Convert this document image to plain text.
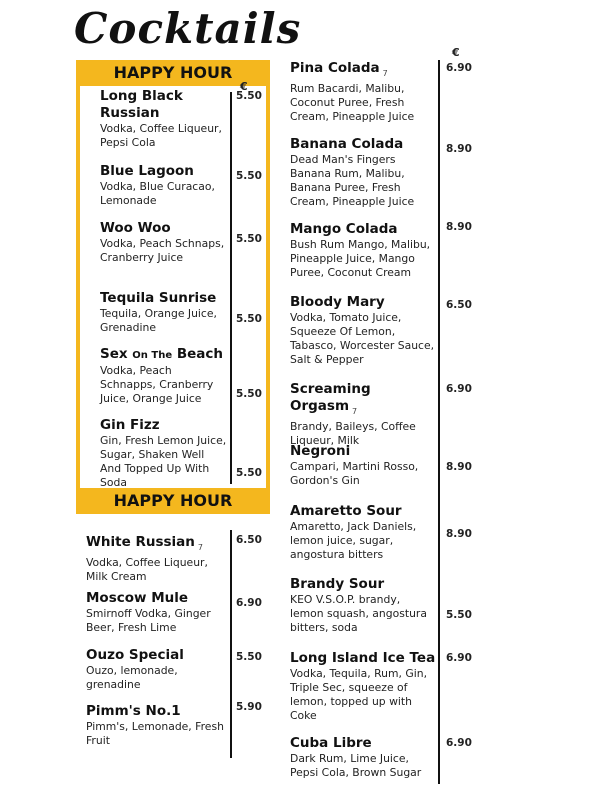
Cocktails
HAPPY HOUR
HAPPY HOUR
€
€
Long Black Russian
Vodka, Coffee Liqueur, Pepsi Cola
5.50
Blue Lagoon
Vodka, Blue Curacao, Lemonade
5.50
Woo Woo
Vodka, Peach Schnaps, Cranberry Juice
5.50
Tequila Sunrise
Tequila, Orange Juice, Grenadine
5.50
Sex On The Beach
Vodka, Peach Schnapps, Cranberry Juice, Orange Juice	5.50
Gin Fizz
Gin, Fresh Lemon Juice, Sugar, Shaken Well And Topped Up With Soda
5.50
White Russian $_7$
Vodka, Coffee Liqueur, Milk Cream
6.50
Moscow Mule
Smirnoff Vodka, Ginger Beer, Fresh Lime
6.90
Ouzo Special
Ouzo, lemonade, grenadine
5.50
Pimm's No.1
Pimm's, Lemonade, Fresh Fruit
5.90
Pina Colada $_7$
Rum Bacardi, Malibu, Coconut Puree, Fresh Cream, Pineapple Juice
6.90
Banana Colada
Dead Man's Fingers Banana Rum, Malibu, Banana Puree, Fresh Cream, Pineapple Juice
8.90
Mango Colada
Bush Rum Mango, Malibu, Pineapple Juice, Mango Puree, Coconut Cream
8.90
Bloody Mary
Vodka, Tomato Juice, Squeeze Of Lemon, Tabasco, Worcester Sauce, Salt & Pepper
6.50
Screaming Orgasm $_7$
Brandy, Baileys, Coffee Liqueur, Milk
6.90
Negroni
Campari, Martini Rosso, Gordon's Gin
8.90
Amaretto Sour
Amaretto, Jack Daniels, lemon juice, sugar, angostura bitters
8.90
Brandy Sour
KEO V.S.O.P. brandy, lemon squash, angostura bitters, soda
5.50
Long Island Ice Tea
Vodka, Tequila, Rum, Gin, Triple Sec, squeeze of lemon, topped up with Coke
6.90
Cuba Libre
Dark Rum, Lime Juice, Pepsi Cola, Brown Sugar
6.90
